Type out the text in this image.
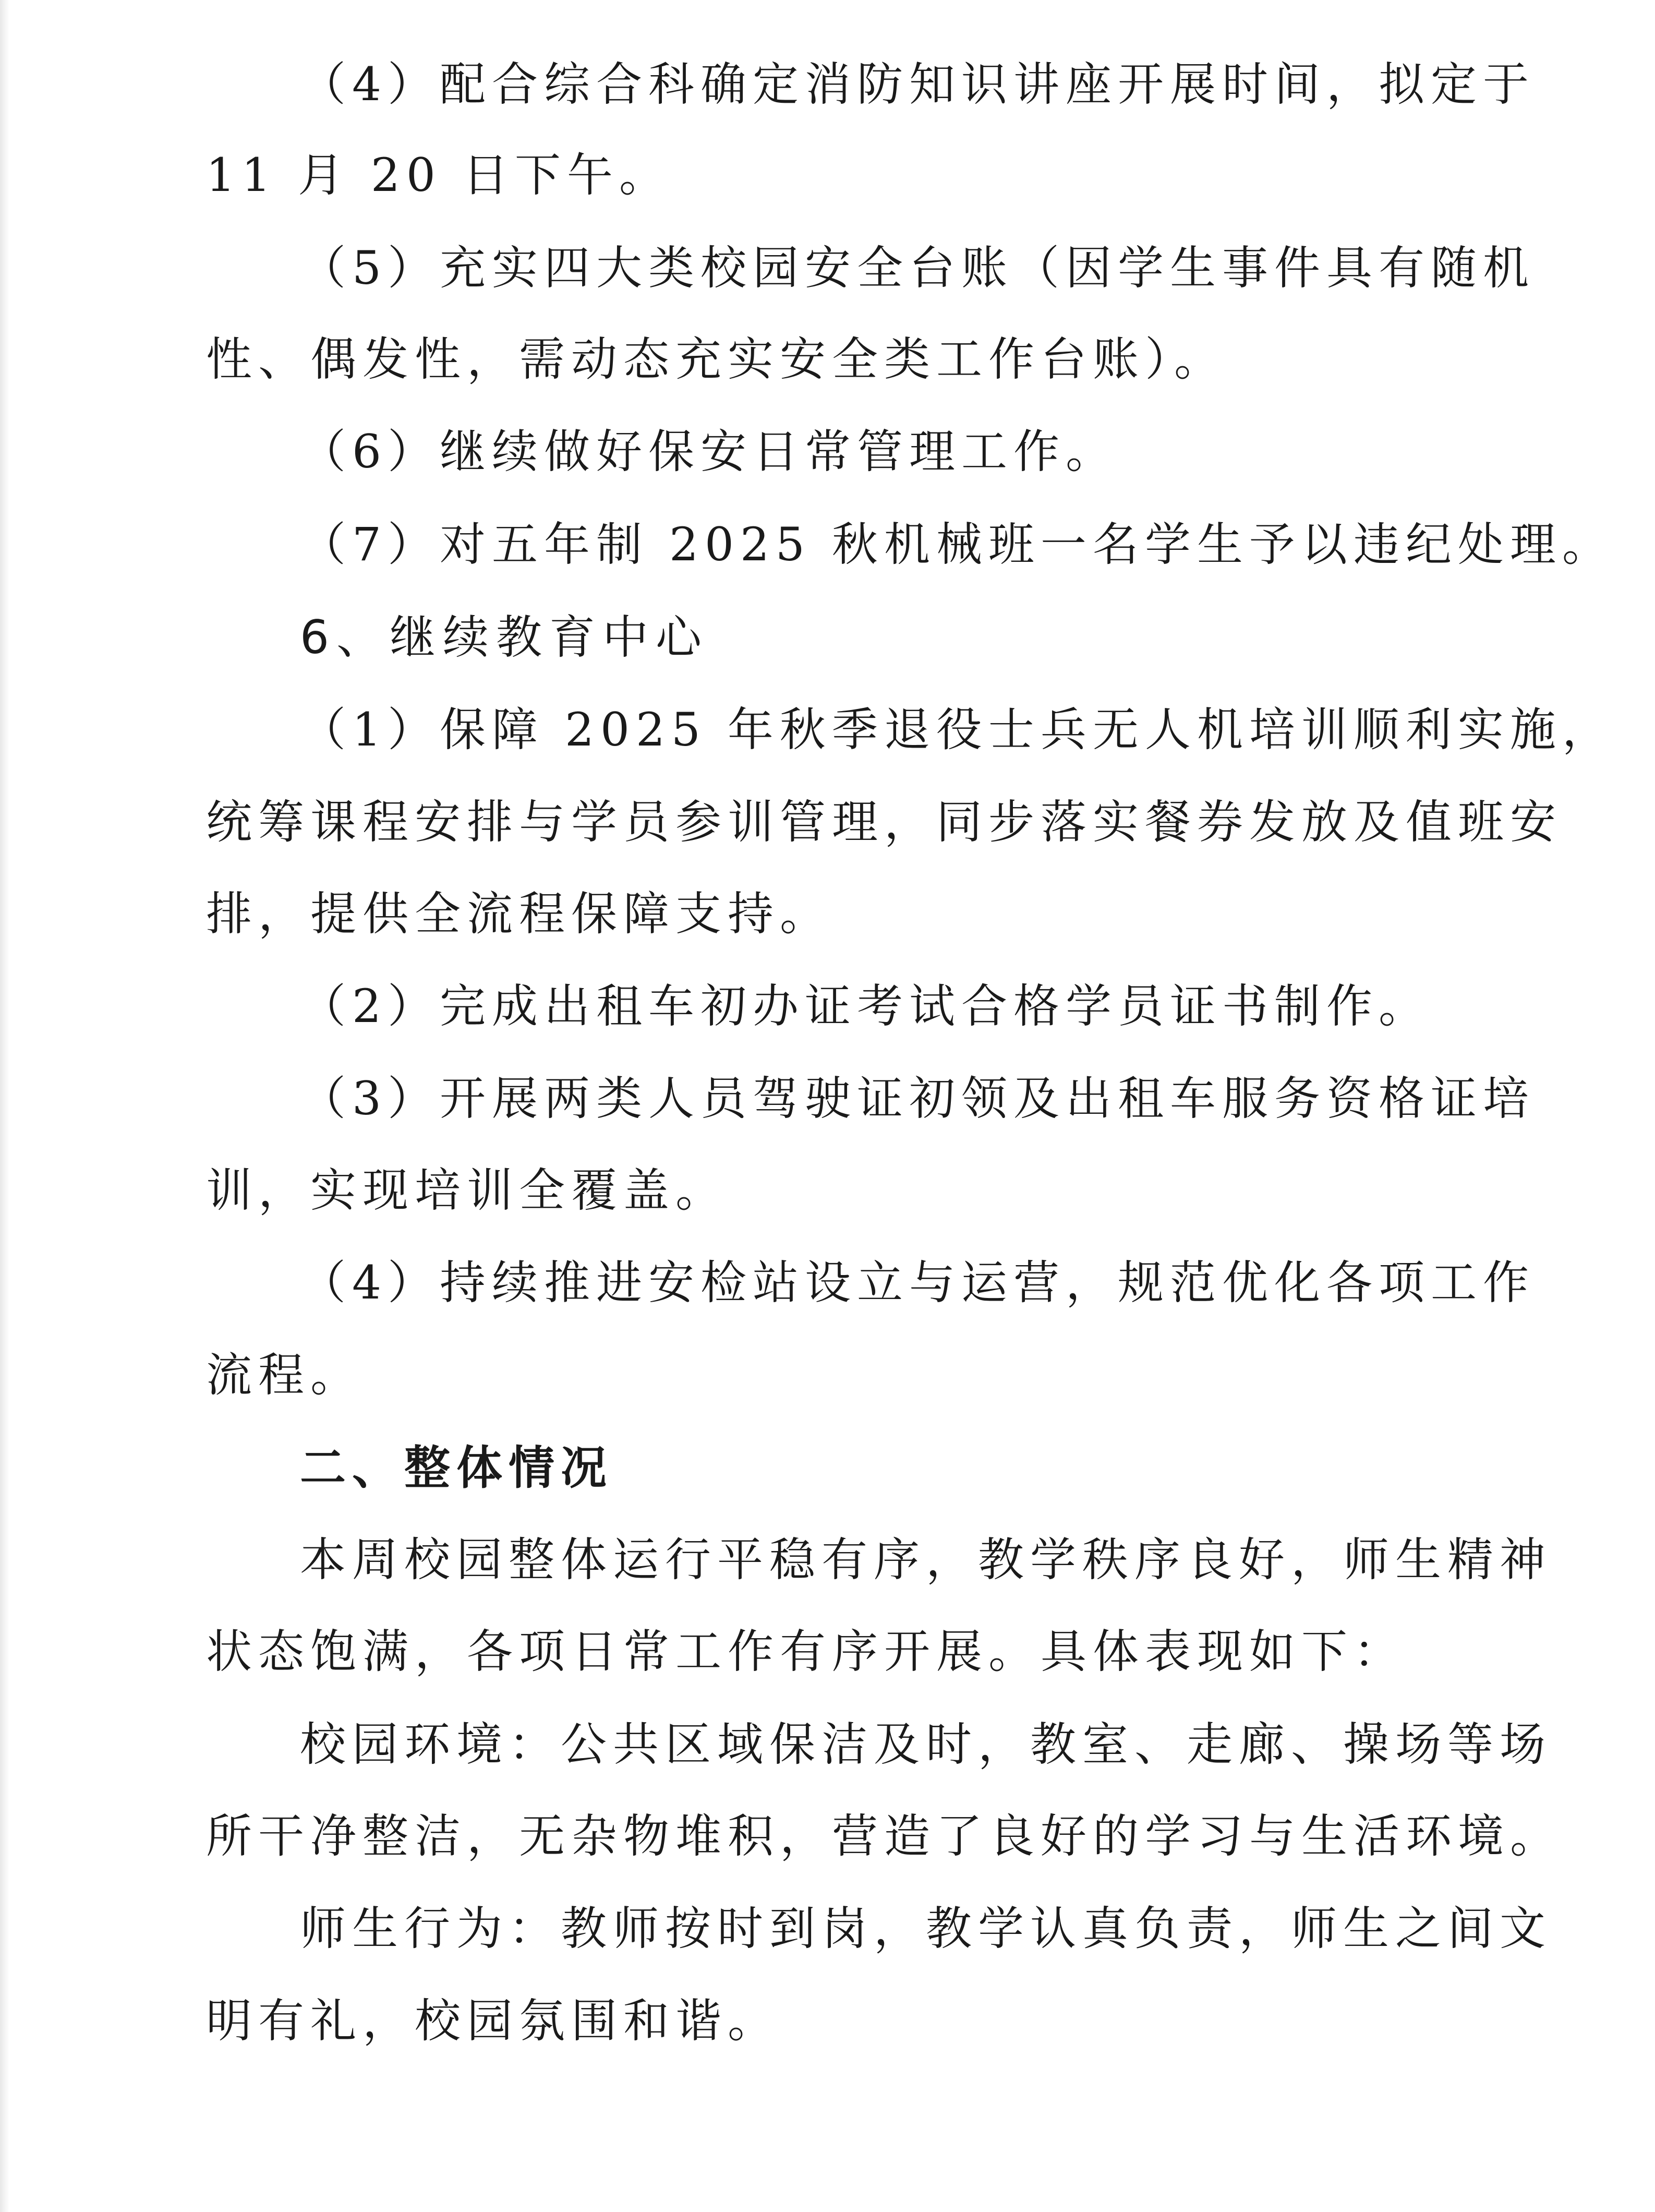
（4）配合综合科确定消防知识讲座开展时间，拟定于

11 月 20 日下午。

（5）充实四大类校园安全台账（因学生事件具有随机

性、偶发性，需动态充实安全类工作台账）。

（6）继续做好保安日常管理工作。

（7）对五年制 2025 秋机械班一名学生予以违纪处理。

6、继续教育中心

（1）保障 2025 年秋季退役士兵无人机培训顺利实施，

统筹课程安排与学员参训管理，同步落实餐券发放及值班安

排，提供全流程保障支持。

（2）完成出租车初办证考试合格学员证书制作。

（3）开展两类人员驾驶证初领及出租车服务资格证培

训，实现培训全覆盖。

（4）持续推进安检站设立与运营，规范优化各项工作

流程。

二、整体情况

本周校园整体运行平稳有序，教学秩序良好，师生精神

状态饱满，各项日常工作有序开展。具体表现如下：

校园环境：公共区域保洁及时，教室、走廊、操场等场

所干净整洁，无杂物堆积，营造了良好的学习与生活环境。

师生行为：教师按时到岗，教学认真负责，师生之间文

明有礼，校园氛围和谐。
